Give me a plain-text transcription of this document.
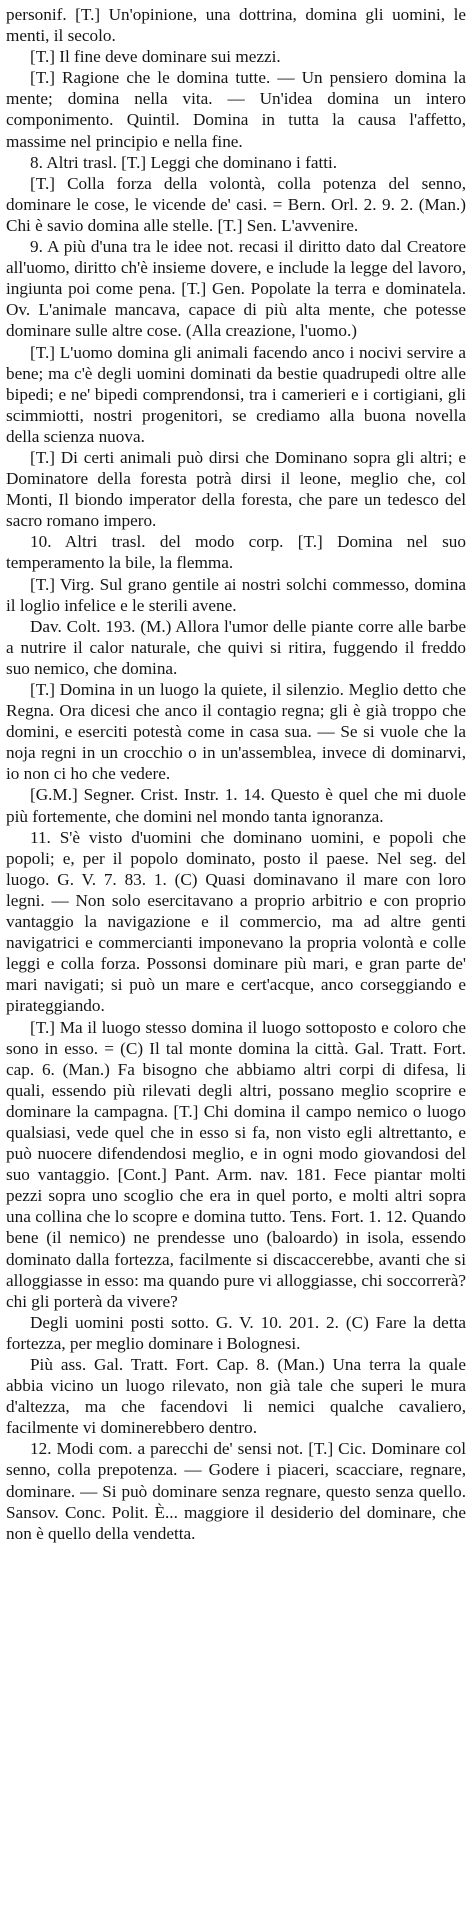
personif. [T.] Un'opinione, una dottrina, domina gli uomini, le menti, il secolo.

[T.] Il fine deve dominare sui mezzi.

[T.] Ragione che le domina tutte. — Un pensiero domina la mente; domina nella vita. — Un'idea domina un intero componimento. Quintil. Domina in tutta la causa l'affetto, massime nel principio e nella fine.

8. Altri trasl. [T.] Leggi che dominano i fatti.

[T.] Colla forza della volontà, colla potenza del senno, dominare le cose, le vicende de' casi. = Bern. Orl. 2. 9. 2. (Man.) Chi è savio domina alle stelle. [T.] Sen. L'avvenire.

9. A più d'una tra le idee not. recasi il diritto dato dal Creatore all'uomo, diritto ch'è insieme dovere, e include la legge del lavoro, ingiunta poi come pena. [T.] Gen. Popolate la terra e dominatela. Ov. L'animale mancava, capace di più alta mente, che potesse dominare sulle altre cose. (Alla creazione, l'uomo.)

[T.] L'uomo domina gli animali facendo anco i nocivi servire a bene; ma c'è degli uomini dominati da bestie quadrupedi oltre alle bipedi; e ne' bipedi comprendonsi, tra i camerieri e i cortigiani, gli scimmiotti, nostri progenitori, se crediamo alla buona novella della scienza nuova.

[T.] Di certi animali può dirsi che Dominano sopra gli altri; e Dominatore della foresta potrà dirsi il leone, meglio che, col Monti, Il biondo imperator della foresta, che pare un tedesco del sacro romano impero.

10. Altri trasl. del modo corp. [T.] Domina nel suo temperamento la bile, la flemma.

[T.] Virg. Sul grano gentile ai nostri solchi commesso, domina il loglio infelice e le sterili avene.

Dav. Colt. 193. (M.) Allora l'umor delle piante corre alle barbe a nutrire il calor naturale, che quivi si ritira, fuggendo il freddo suo nemico, che domina.

[T.] Domina in un luogo la quiete, il silenzio. Meglio detto che Regna. Ora dicesi che anco il contagio regna; gli è già troppo che domini, e eserciti potestà come in casa sua. — Se si vuole che la noja regni in un crocchio o in un'assemblea, invece di dominarvi, io non ci ho che vedere.

[G.M.] Segner. Crist. Instr. 1. 14. Questo è quel che mi duole più fortemente, che domini nel mondo tanta ignoranza.

11. S'è visto d'uomini che dominano uomini, e popoli che popoli; e, per il popolo dominato, posto il paese. Nel seg. del luogo. G. V. 7. 83. 1. (C) Quasi dominavano il mare con loro legni. — Non solo esercitavano a proprio arbitrio e con proprio vantaggio la navigazione e il commercio, ma ad altre genti navigatrici e commercianti imponevano la propria volontà e colle leggi e colla forza. Possonsi dominare più mari, e gran parte de' mari navigati; si può un mare e cert'acque, anco corseggiando e pirateggiando.

[T.] Ma il luogo stesso domina il luogo sottoposto e coloro che sono in esso. = (C) Il tal monte domina la città. Gal. Tratt. Fort. cap. 6. (Man.) Fa bisogno che abbiamo altri corpi di difesa, li quali, essendo più rilevati degli altri, possano meglio scoprire e dominare la campagna. [T.] Chi domina il campo nemico o luogo qualsiasi, vede quel che in esso si fa, non visto egli altrettanto, e può nuocere difendendosi meglio, e in ogni modo giovandosi del suo vantaggio. [Cont.] Pant. Arm. nav. 181. Fece piantar molti pezzi sopra uno scoglio che era in quel porto, e molti altri sopra una collina che lo scopre e domina tutto. Tens. Fort. 1. 12. Quando bene (il nemico) ne prendesse uno (baloardo) in isola, essendo dominato dalla fortezza, facilmente si discaccerebbe, avanti che si alloggiasse in esso: ma quando pure vi alloggiasse, chi soccorrerà? chi gli porterà da vivere?

Degli uomini posti sotto. G. V. 10. 201. 2. (C) Fare la detta fortezza, per meglio dominare i Bolognesi.

Più ass. Gal. Tratt. Fort. Cap. 8. (Man.) Una terra la quale abbia vicino un luogo rilevato, non già tale che superi le mura d'altezza, ma che facendovi li nemici qualche cavaliero, facilmente vi dominerebbero dentro.

12. Modi com. a parecchi de' sensi not. [T.] Cic. Dominare col senno, colla prepotenza. — Godere i piaceri, scacciare, regnare, dominare. — Si può dominare senza regnare, questo senza quello. Sansov. Conc. Polit. È... maggiore il desiderio del dominare, che non è quello della vendetta.
